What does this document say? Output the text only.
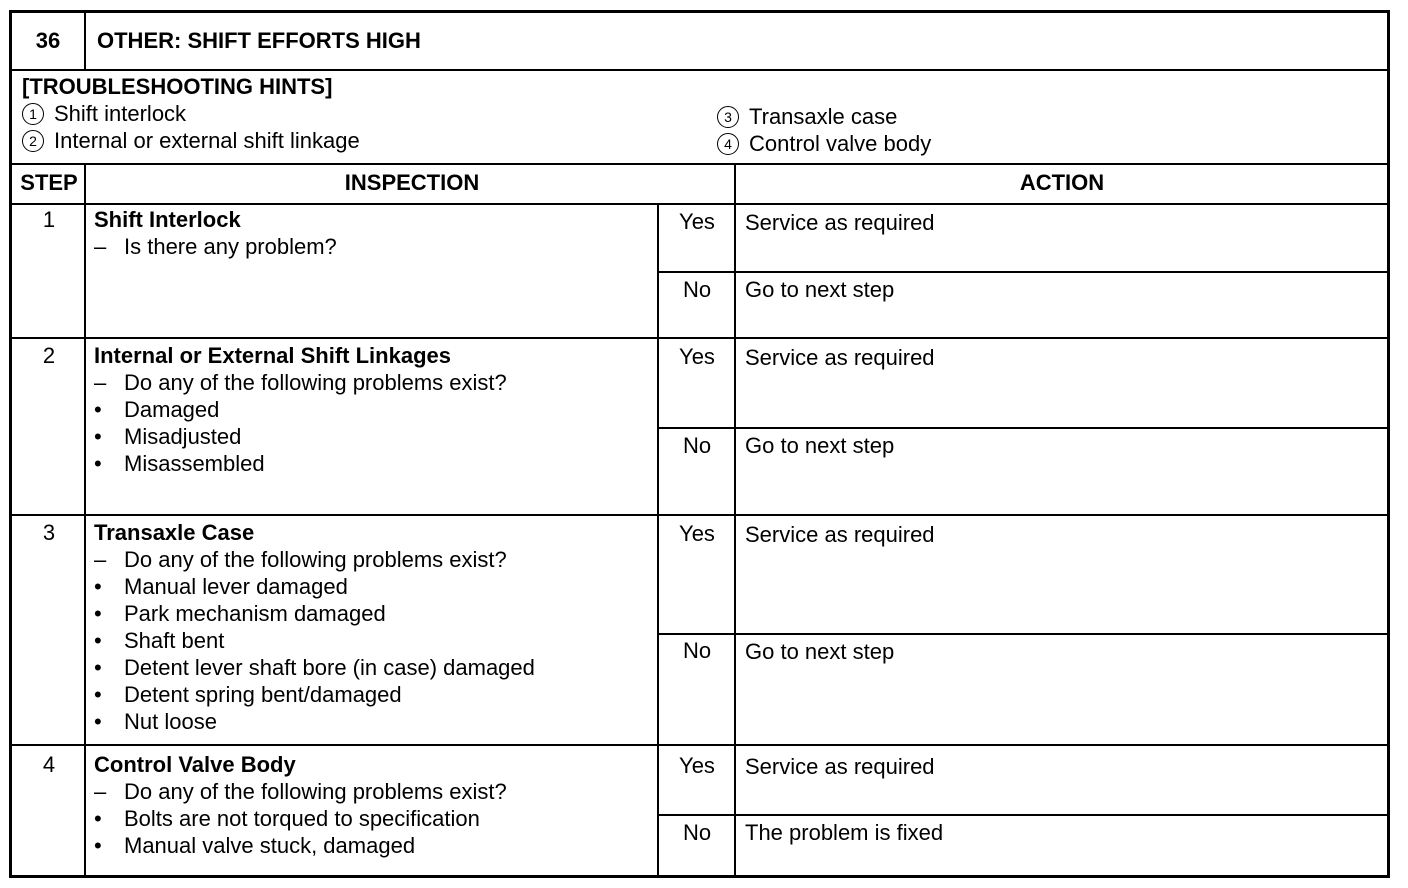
36	OTHER: SHIFT EFFORTS HIGH
[TROUBLESHOOTING HINTS]
1 Shift interlock
2 Internal or external shift linkage
3 Transaxle case
4 Control valve body
STEP	INSPECTION	ACTION
1	Shift Interlock
– Is there any problem?
Yes	Service as required
No	Go to next step
2	Internal or External Shift Linkages
– Do any of the following problems exist?
•	Damaged
•	Misadjusted
•	Misassembled
Yes	Service as required
No	Go to next step
3	Transaxle Case
– Do any of the following problems exist?
•	Manual lever damaged
•	Park mechanism damaged
•	Shaft bent
•	Detent lever shaft bore (in case) damaged
•	Detent spring bent/damaged
•	Nut loose
Yes	Service as required
No	Go to next step
4	Control Valve Body
– Do any of the following problems exist?
•	Bolts are not torqued to specification
•	Manual valve stuck, damaged
Yes	Service as required
No	The problem is fixed
